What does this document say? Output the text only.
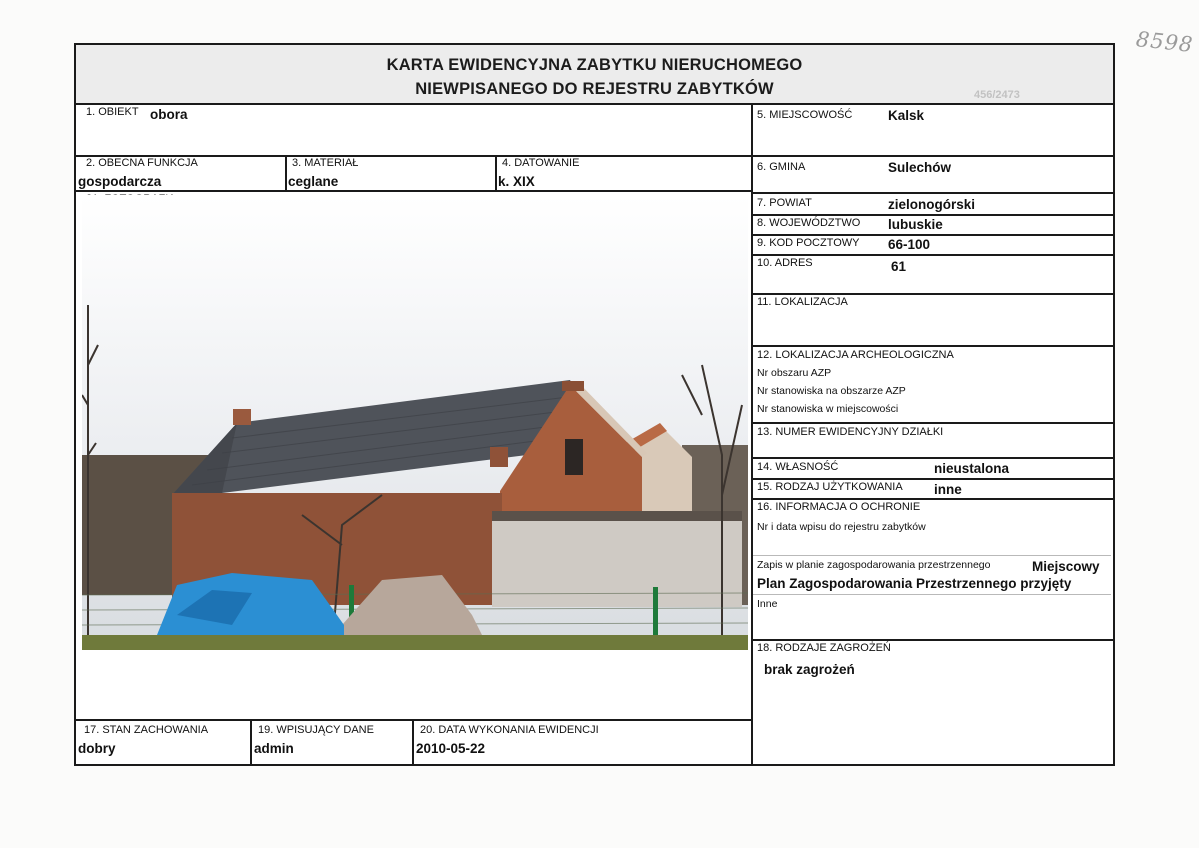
8598
KARTA EWIDENCYJNA ZABYTKU NIERUCHOMEGO
NIEWPISANEGO DO REJESTRU ZABYTKÓW	456/2473
1. OBIEKT obora
2. OBECNA FUNKCJA
gospodarcza
3. MATERIAŁ
ceglane
4. DATOWANIE
k. XIX
5. MIEJSCOWOŚĆ	Kalsk
6. GMINA	Sulechów
7. POWIAT	zielonogórski
8. WOJEWÓDZTWO lubuskie
9. KOD POCZTOWY 66-100
10. ADRES	61
11. LOKALIZACJA
12. LOKALIZACJA ARCHEOLOGICZNA
Nr obszaru AZP
Nr stanowiska na obszarze AZP
Nr stanowiska w miejscowości
13. NUMER EWIDENCYJNY DZIAŁKI
14. WŁASNOŚĆ	nieustalona
15. RODZAJ UŻYTKOWANIA inne
16. INFORMACJA O OCHRONIE
Nr i data wpisu do rejestru zabytków
Zapis w planie zagospodarowania przestrzennego	Miejscowy
Plan Zagospodarowania Przestrzennego przyjęty
Inne
18. RODZAJE ZAGROŻEŃ
brak zagrożeń
17. STAN ZACHOWANIA
dobry
19. WPISUJĄCY DANE
admin
20. DATA WYKONANIA EWIDENCJI
2010-05-22
